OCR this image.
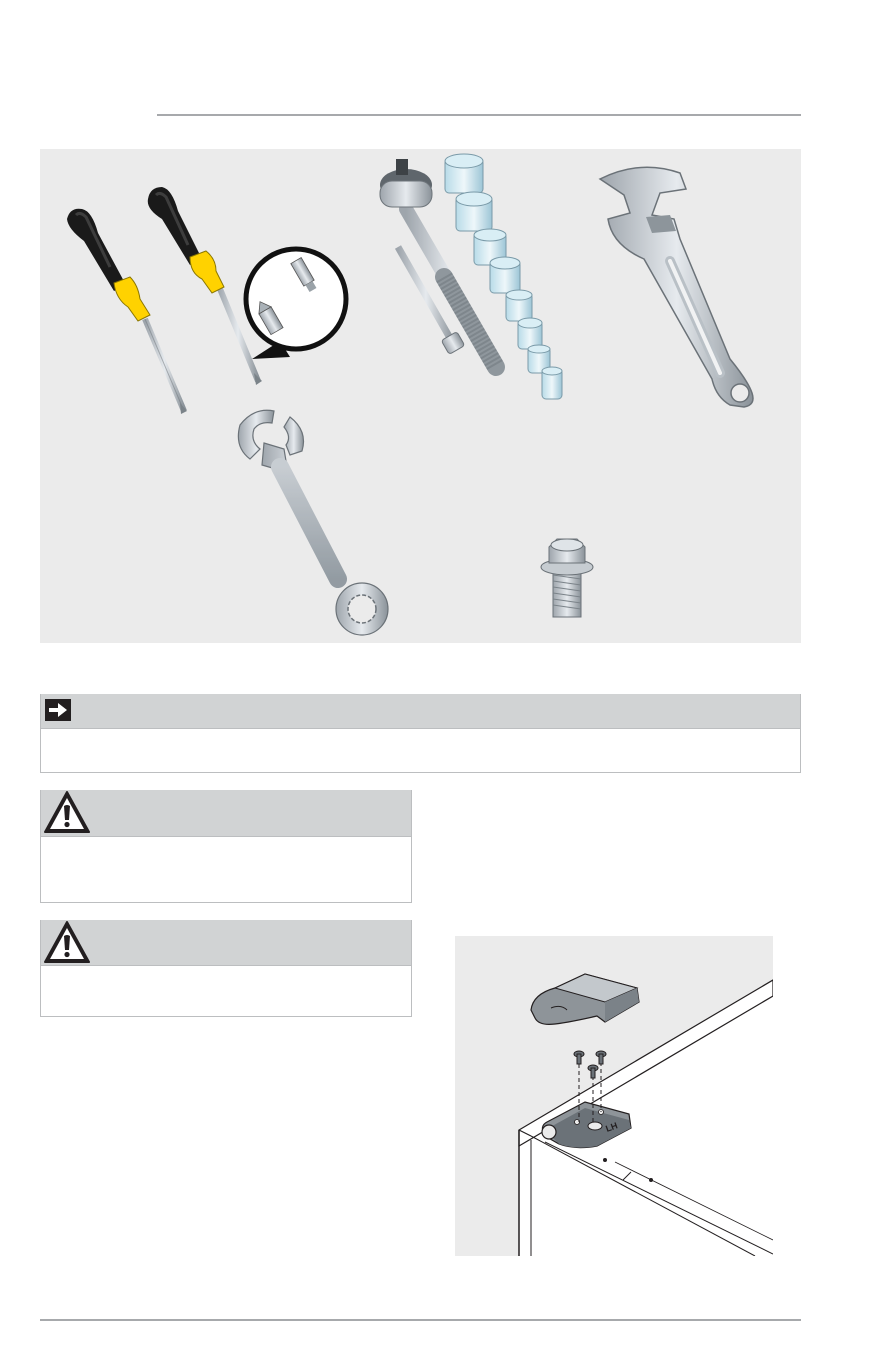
LH
